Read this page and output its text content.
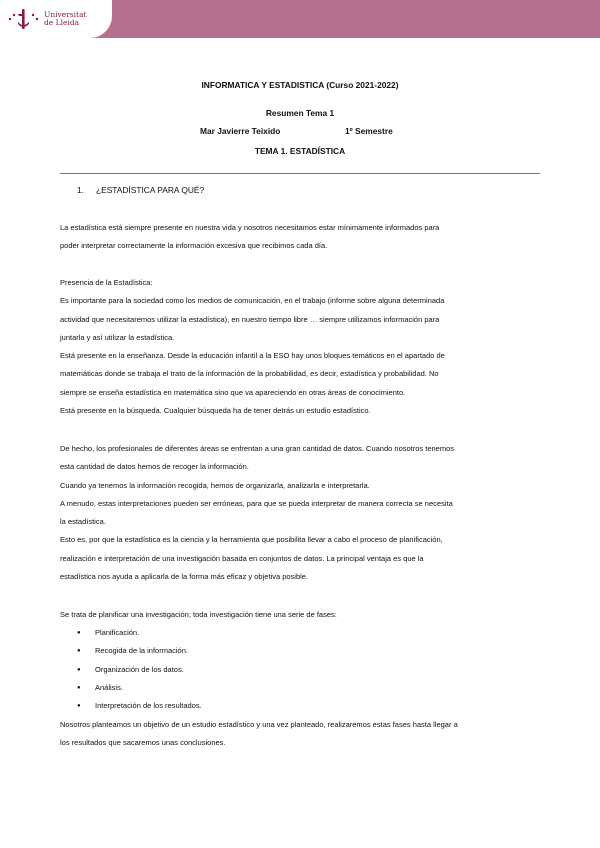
Universitat
de Lleida
INFORMATICA Y ESTADISTICA (Curso 2021-2022)
Resumen Tema 1
Mar Javierre Teixido	1º Semestre
TEMA 1. ESTADÍSTICA
1. ¿ESTADÍSTICA PARA QUÉ?
La estadística está siempre presente en nuestra vida y nosotros necesitamos estar mínimamente informados para
poder interpretar correctamente la información excesiva que recibimos cada día.
Presencia de la Estadística:
Es importante para la sociedad como los medios de comunicación, en el trabajo (informe sobre alguna determinada
actividad que necesitaremos utilizar la estadística), en nuestro tiempo libre … siempre utilizamos información para
juntarla y así utilizar la estadística.
Está presente en la enseñanza. Desde la educación infantil a la ESO hay unos bloques temáticos en el apartado de
matemáticas donde se trabaja el trato de la información de la probabilidad, es decir, estadística y probabilidad. No
siempre se enseña estadística en matemática sino que va apareciendo en otras áreas de conocimiento.
Está presente en la búsqueda. Cualquier búsqueda ha de tener detrás un estudio estadístico.
De hecho, los profesionales de diferentes áreas se enfrentan a una gran cantidad de datos. Cuando nosotros tenemos
esta cantidad de datos hemos de recoger la información.
Cuando ya tenemos la información recogida, hemos de organizarla, analizarla e interpretarla.
A menudo, estas interpretaciones pueden ser erróneas, para que se pueda interpretar de manera correcta se necesita
la estadística.
Esto es, por que la estadística es la ciencia y la herramienta que posibilita llevar a cabo el proceso de planificación,
realización e interpretación de una investigación basada en conjuntos de datos. La principal ventaja es que la
estadística nos ayuda a aplicarla de la forma más eficaz y objetiva posible.
Se trata de planificar una investigación; toda investigación tiene una serie de fases:
● Planificación.
● Recogida de la información.
● Organización de los datos.
● Análisis.
● Interpretación de los resultados.
Nosotros planteamos un objetivo de un estudio estadístico y una vez planteado, realizaremos estas fases hasta llegar a
los resultados que sacaremos unas conclusiones.
